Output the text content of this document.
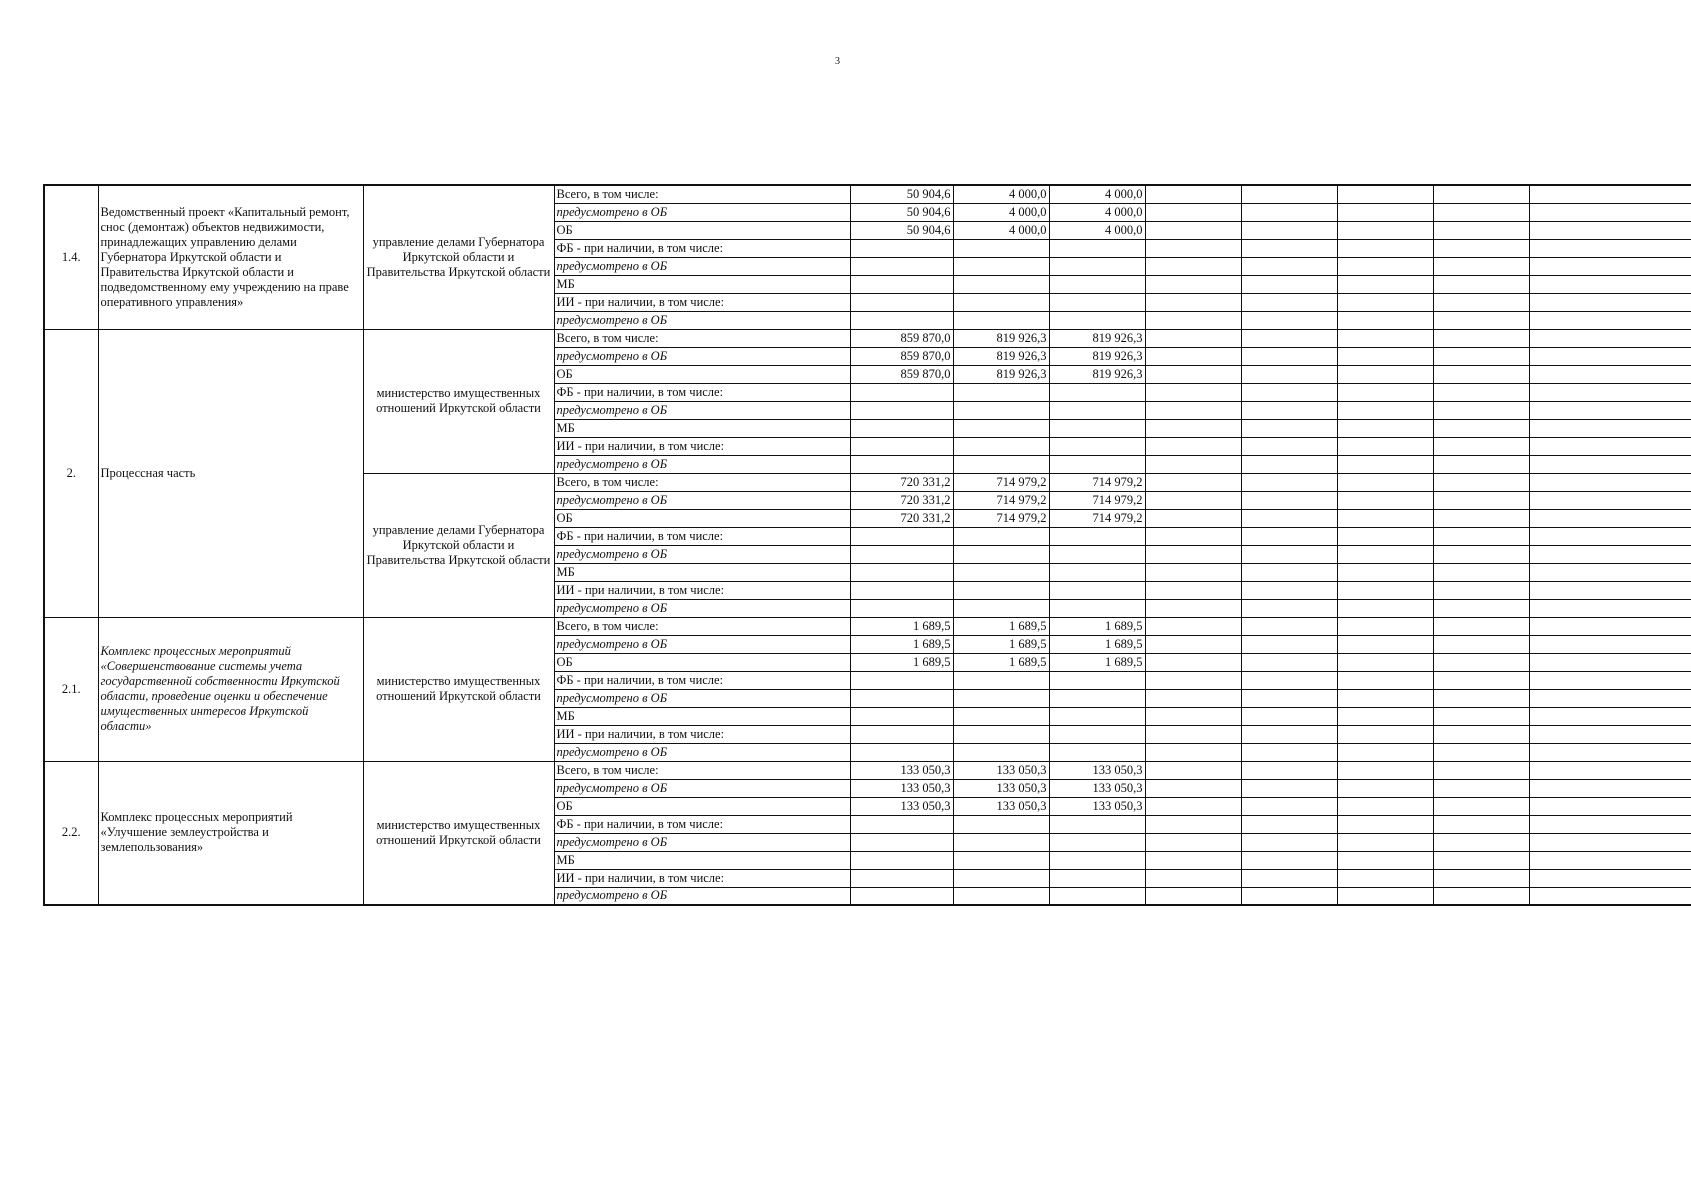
3
1.4.	Ведомственный проект «Капитальный ремонт, снос (демонтаж) объектов недвижимости, принадлежащих управлению делами Губернатора Иркутской области и Правительства Иркутской области и подведомственному ему учреждению на праве оперативного управления»	управление делами Губернатора Иркутской области и Правительства Иркутской области	Всего, в том числе:	50 904,6	4 000,0	4 000,0					
			предусмотрено в ОБ	50 904,6	4 000,0	4 000,0					
			ОБ	50 904,6	4 000,0	4 000,0					
			ФБ - при наличии, в том числе:								
			предусмотрено в ОБ								
			МБ								
			ИИ - при наличии, в том числе:								
			предусмотрено в ОБ								
2.	Процессная часть	министерство имущественных отношений Иркутской области	Всего, в том числе:	859 870,0	819 926,3	819 926,3					
			предусмотрено в ОБ	859 870,0	819 926,3	819 926,3					
			ОБ	859 870,0	819 926,3	819 926,3					
			ФБ - при наличии, в том числе:								
			предусмотрено в ОБ								
			МБ								
			ИИ - при наличии, в том числе:								
			предусмотрено в ОБ								
		управление делами Губернатора Иркутской области и Правительства Иркутской области	Всего, в том числе:	720 331,2	714 979,2	714 979,2					
			предусмотрено в ОБ	720 331,2	714 979,2	714 979,2					
			ОБ	720 331,2	714 979,2	714 979,2					
			ФБ - при наличии, в том числе:								
			предусмотрено в ОБ								
			МБ								
			ИИ - при наличии, в том числе:								
			предусмотрено в ОБ								
2.1.	Комплекс процессных мероприятий «Совершенствование системы учета государственной собственности Иркутской области, проведение оценки и обеспечение имущественных интересов Иркутской области»	министерство имущественных отношений Иркутской области	Всего, в том числе:	1 689,5	1 689,5	1 689,5					
			предусмотрено в ОБ	1 689,5	1 689,5	1 689,5					
			ОБ	1 689,5	1 689,5	1 689,5					
			ФБ - при наличии, в том числе:								
			предусмотрено в ОБ								
			МБ								
			ИИ - при наличии, в том числе:								
			предусмотрено в ОБ								
2.2.	Комплекс процессных мероприятий «Улучшение землеустройства и землепользования»	министерство имущественных отношений Иркутской области	Всего, в том числе:	133 050,3	133 050,3	133 050,3					
			предусмотрено в ОБ	133 050,3	133 050,3	133 050,3					
			ОБ	133 050,3	133 050,3	133 050,3					
			ФБ - при наличии, в том числе:								
			предусмотрено в ОБ								
			МБ								
			ИИ - при наличии, в том числе:								
			предусмотрено в ОБ								
